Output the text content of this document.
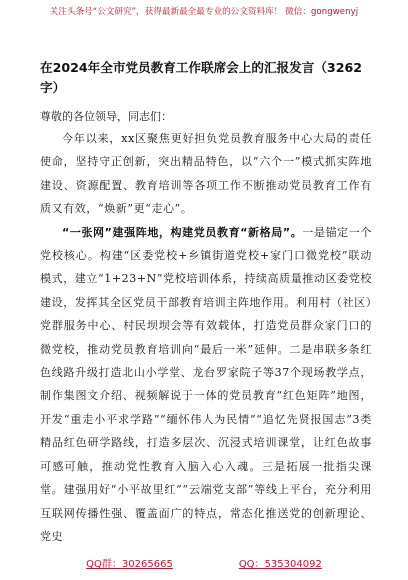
关注头条号“公文研究”，获得最新最全最专业的公文资料库！ 微信：gongwenyj
在2024年全市党员教育工作联席会上的汇报发言（3262字）

尊敬的各位领导，同志们：

今年以来，xx区聚焦更好担负党员教育服务中心大局的责任使命，坚持守正创新，突出精品特色，以“六个一”模式抓实阵地建设、资源配置、教育培训等各项工作不断推动党员教育工作有质又有效，“焕新”更“走心”。

“一张网”建强阵地，构建党员教育“新格局”。一是锚定一个党校核心。构建“区委党校+乡镇街道党校+家门口微党校”联动模式，建立“1+23+N”党校培训体系，持续高质量推动区委党校建设，发挥其全区党员干部教育培训主阵地作用。利用村（社区）党群服务中心、村民坝坝会等有效载体，打造党员群众家门口的微党校，推动党员教育培训向“最后一米”延伸。二是串联多条红色线路升级打造北山小学堂、龙台罗家院子等37个现场教学点，制作集图文介绍、视频解说于一体的党员教育“红色矩阵”地图，开发“重走小平求学路”“缅怀伟人为民情”“追忆先贤报国志”3类精品红色研学路线，打造多层次、沉浸式培训课堂，让红色故事可感可触，推动党性教育入脑入心入魂。三是拓展一批指尖课堂。建强用好“小平故里红”“云端党支部”等线上平台，充分利用互联网传播性强、覆盖面广的特点，常态化推送党的创新理论、党史

QQ群：30265665	QQ：535304092
